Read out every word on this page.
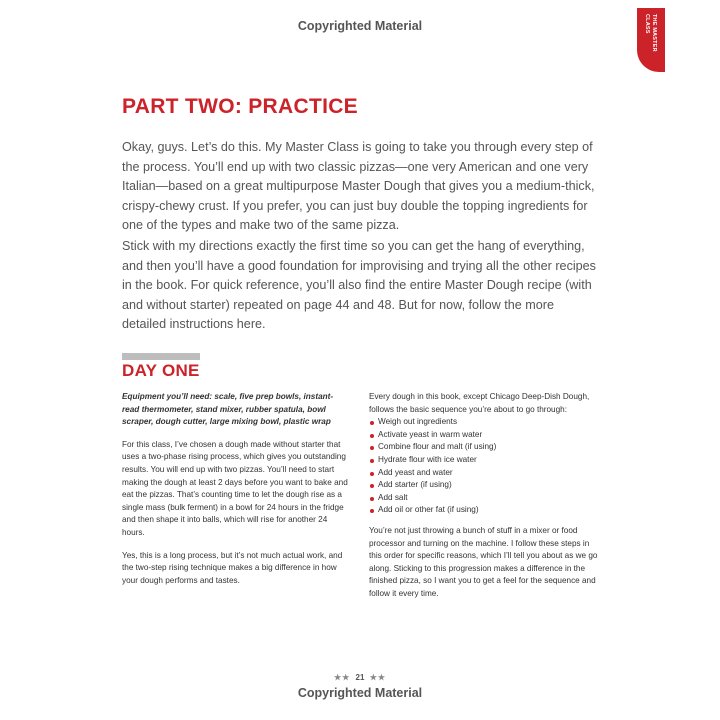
Copyrighted Material	THE MASTER
CLASS
PART TWO: PRACTICE

Okay, guys. Let’s do this. My Master Class is going to take you through every step of the process. You’ll end up with two classic pizzas—one very American and one very Italian—based on a great multipurpose Master Dough that gives you a medium-thick, crispy-chewy crust. If you prefer, you can just buy double the topping ingredients for one of the types and make two of the same pizza.

Stick with my directions exactly the first time so you can get the hang of everything, and then you’ll have a good foundation for improvising and trying all the other recipes in the book. For quick reference, you’ll also find the entire Master Dough recipe (with and without starter) repeated on page 44 and 48. But for now, follow the more detailed instructions here.

DAY ONE

Equipment you’ll need: scale, five prep bowls, instant-read thermometer, stand mixer, rubber spatula, bowl scraper, dough cutter, large mixing bowl, plastic wrap

For this class, I’ve chosen a dough made without starter that uses a two-phase rising process, which gives you outstanding results. You will end up with two pizzas. You’ll need to start making the dough at least 2 days before you want to bake and eat the pizzas. That’s counting time to let the dough rise as a single mass (bulk ferment) in a bowl for 24 hours in the fridge and then shape it into balls, which will rise for another 24 hours.

Yes, this is a long process, but it’s not much actual work, and the two-step rising technique makes a big difference in how your dough performs and tastes.

Every dough in this book, except Chicago Deep-Dish Dough, follows the basic sequence you’re about to go through:

Weigh out ingredients
Activate yeast in warm water
Combine flour and malt (if using)
Hydrate flour with ice water
Add yeast and water
Add starter (if using)
Add salt
Add oil or other fat (if using)

You’re not just throwing a bunch of stuff in a mixer or food processor and turning on the machine. I follow these steps in this order for specific reasons, which I’ll tell you about as we go along. Sticking to this progression makes a difference in the finished pizza, so I want you to get a feel for the sequence and follow it every time.

★★ 21 ★★
Copyrighted Material
